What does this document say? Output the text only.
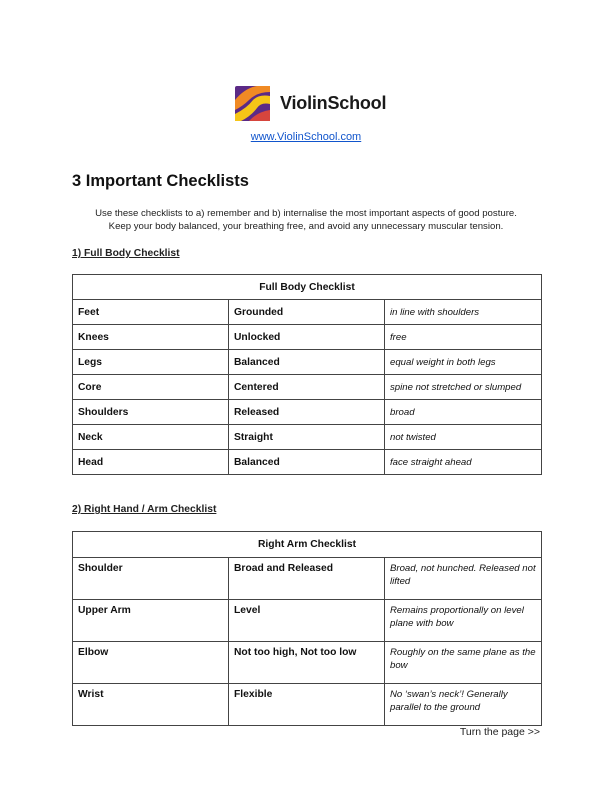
ViolinSchool
www.ViolinSchool.com
3 Important Checklists
Use these checklists to a) remember and b) internalise the most important aspects of good posture.
Keep your body balanced, your breathing free, and avoid any unnecessary muscular tension.
1) Full Body Checklist
Full Body Checklist		
Feet	Grounded	in line with shoulders
Knees	Unlocked	free
Legs	Balanced	equal weight in both legs
Core	Centered	spine not stretched or slumped
Shoulders	Released	broad
Neck	Straight	not twisted
Head	Balanced	face straight ahead
2) Right Hand / Arm Checklist
Right Arm Checklist		
Shoulder	Broad and Released	Broad, not hunched. Released not lifted
Upper Arm	Level	Remains proportionally on level plane with bow
Elbow	Not too high, Not too low	Roughly on the same plane as the bow
Wrist	Flexible	No ‘swan’s neck’! Generally parallel to the ground
Turn the page >>
